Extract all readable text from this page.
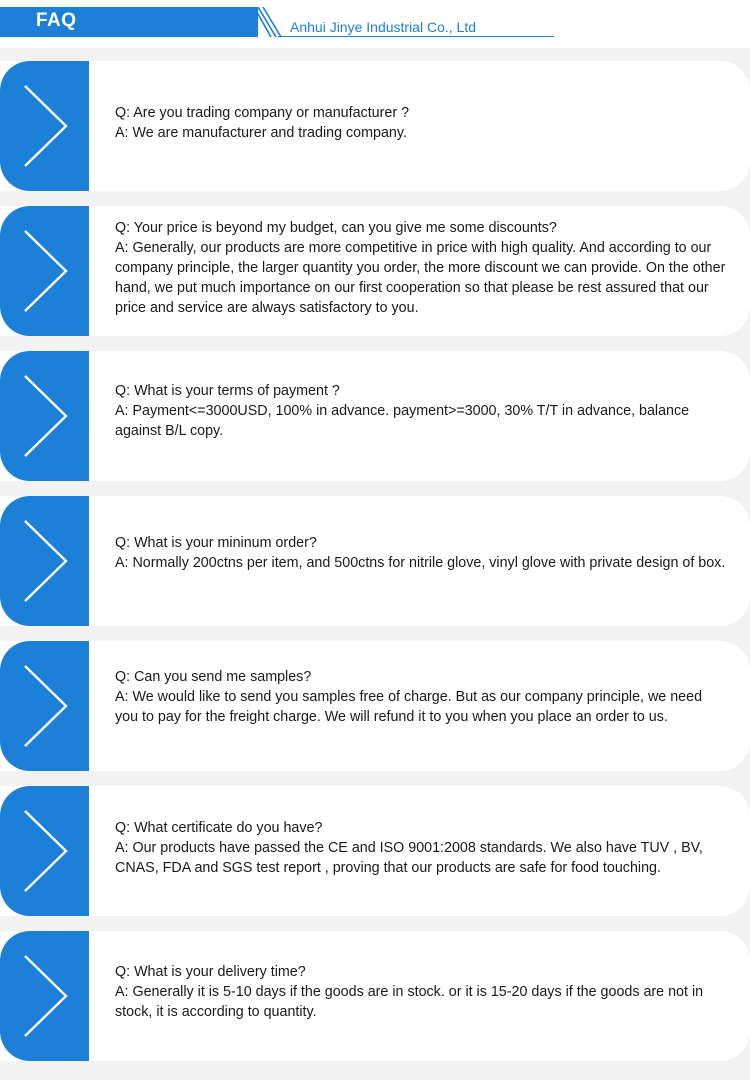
FAQ	Anhui Jinye Industrial Co., Ltd
Q: Are you trading company or manufacturer ?
A: We are manufacturer and trading company.
Q: Your price is beyond my budget, can you give me some discounts?
A: Generally, our products are more competitive in price with high quality. And according to our company principle, the larger quantity you order, the more discount we can provide. On the other hand, we put much importance on our first cooperation so that please be rest assured that our price and service are always satisfactory to you.
Q: What is your terms of payment ?
A: Payment<=3000USD, 100% in advance. payment>=3000, 30% T/T in advance, balance against B/L copy.
Q: What is your mininum order?
A: Normally 200ctns per item, and 500ctns for nitrile glove, vinyl glove with private design of box.
Q: Can you send me samples?
A: We would like to send you samples free of charge. But as our company principle, we need you to pay for the freight charge. We will refund it to you when you place an order to us.
Q: What certificate do you have?
A: Our products have passed the CE and ISO 9001:2008 standards. We also have TUV , BV, CNAS, FDA and SGS test report , proving that our products are safe for food touching.
Q: What is your delivery time?
A: Generally it is 5-10 days if the goods are in stock. or it is 15-20 days if the goods are not in stock, it is according to quantity.
